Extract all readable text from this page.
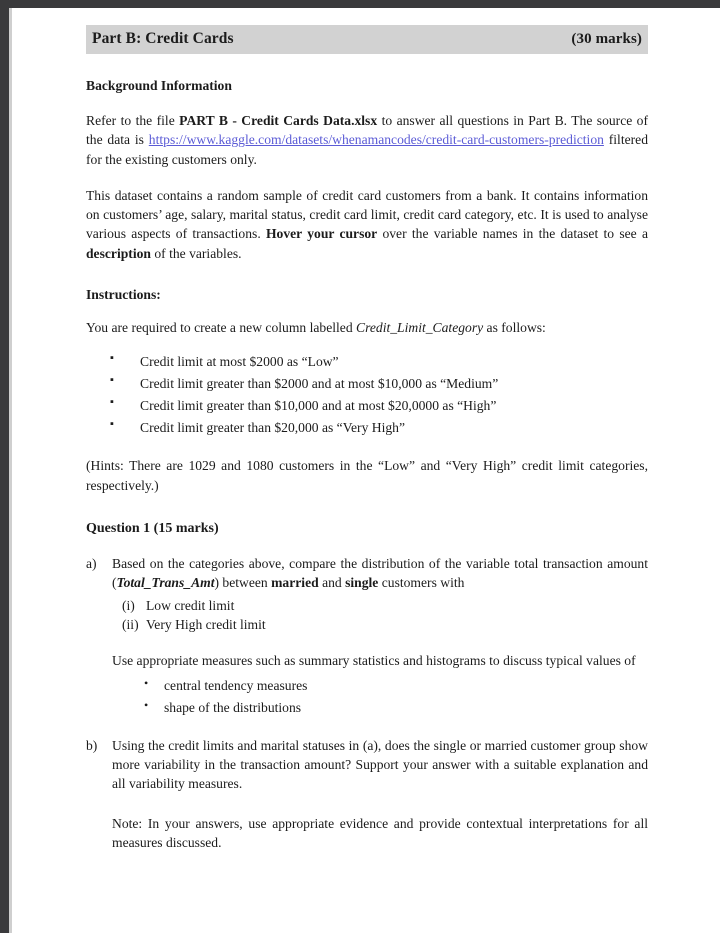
Part B: Credit Cards	(30 marks)
Background Information

Refer to the file PART B - Credit Cards Data.xlsx to answer all questions in Part B. The source of the data is https://www.kaggle.com/datasets/whenamancodes/credit-card-customers-prediction filtered for the existing customers only.

This dataset contains a random sample of credit card customers from a bank. It contains information on customers’ age, salary, marital status, credit card limit, credit card category, etc. It is used to analyse various aspects of transactions. Hover your cursor over the variable names in the dataset to see a description of the variables.

Instructions:

You are required to create a new column labelled Credit_Limit_Category as follows:

▪ Credit limit at most $2000 as “Low”
▪ Credit limit greater than $2000 and at most $10,000 as “Medium”
▪ Credit limit greater than $10,000 and at most $20,0000 as “High”
▪ Credit limit greater than $20,000 as “Very High”

(Hints: There are 1029 and 1080 customers in the “Low” and “Very High” credit limit categories, respectively.)

Question 1 (15 marks)
a)	Based on the categories above, compare the distribution of the variable total transaction amount (Total_Trans_Amt) between married and single customers with
(i) Low credit limit
(ii) Very High credit limit

Use appropriate measures such as summary statistics and histograms to discuss typical values of

• central tendency measures
• shape of the distributions
b)	Using the credit limits and marital statuses in (a), does the single or married customer group show more variability in the transaction amount? Support your answer with a suitable explanation and all variability measures.

Note: In your answers, use appropriate evidence and provide contextual interpretations for all measures discussed.
